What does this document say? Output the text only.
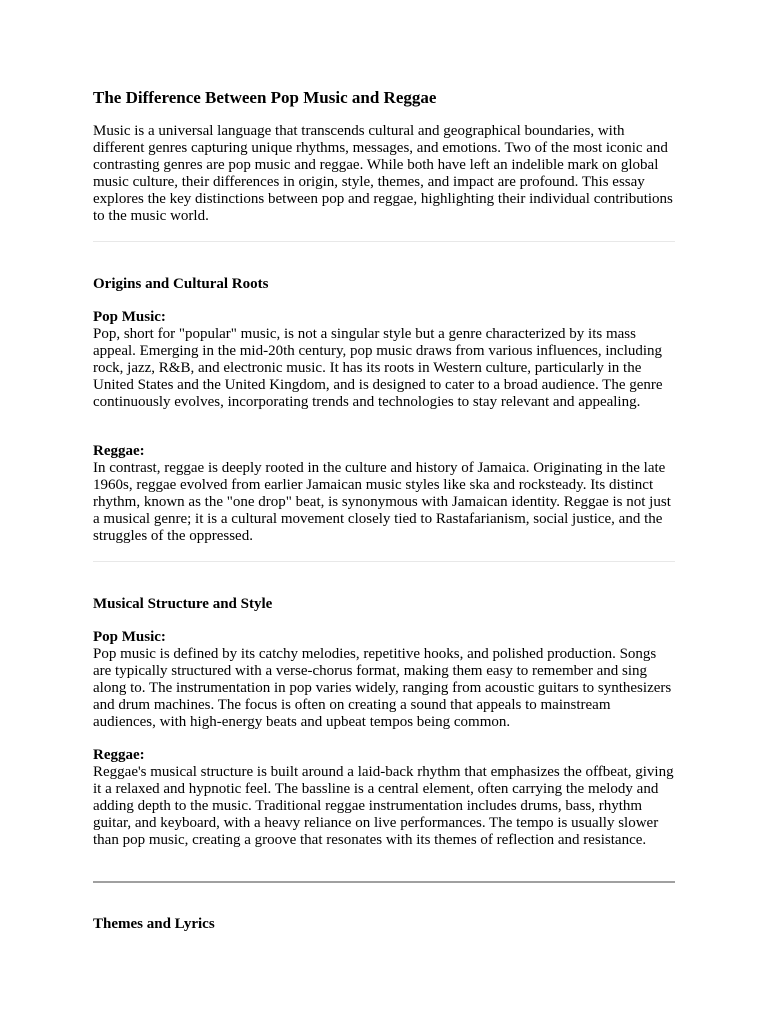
The Difference Between Pop Music and Reggae

Music is a universal language that transcends cultural and geographical boundaries, with different genres capturing unique rhythms, messages, and emotions. Two of the most iconic and contrasting genres are pop music and reggae. While both have left an indelible mark on global music culture, their differences in origin, style, themes, and impact are profound. This essay explores the key distinctions between pop and reggae, highlighting their individual contributions to the music world.

Origins and Cultural Roots
Pop Music:
Pop, short for "popular" music, is not a singular style but a genre characterized by its mass appeal. Emerging in the mid-20th century, pop music draws from various influences, including rock, jazz, R&B, and electronic music. It has its roots in Western culture, particularly in the United States and the United Kingdom, and is designed to cater to a broad audience. The genre continuously evolves, incorporating trends and technologies to stay relevant and appealing.
Reggae:
In contrast, reggae is deeply rooted in the culture and history of Jamaica. Originating in the late 1960s, reggae evolved from earlier Jamaican music styles like ska and rocksteady. Its distinct rhythm, known as the "one drop" beat, is synonymous with Jamaican identity. Reggae is not just a musical genre; it is a cultural movement closely tied to Rastafarianism, social justice, and the struggles of the oppressed.
Musical Structure and Style
Pop Music:
Pop music is defined by its catchy melodies, repetitive hooks, and polished production. Songs are typically structured with a verse-chorus format, making them easy to remember and sing along to. The instrumentation in pop varies widely, ranging from acoustic guitars to synthesizers and drum machines. The focus is often on creating a sound that appeals to mainstream audiences, with high-energy beats and upbeat tempos being common.
Reggae:
Reggae's musical structure is built around a laid-back rhythm that emphasizes the offbeat, giving it a relaxed and hypnotic feel. The bassline is a central element, often carrying the melody and adding depth to the music. Traditional reggae instrumentation includes drums, bass, rhythm guitar, and keyboard, with a heavy reliance on live performances. The tempo is usually slower than pop music, creating a groove that resonates with its themes of reflection and resistance.
Themes and Lyrics
